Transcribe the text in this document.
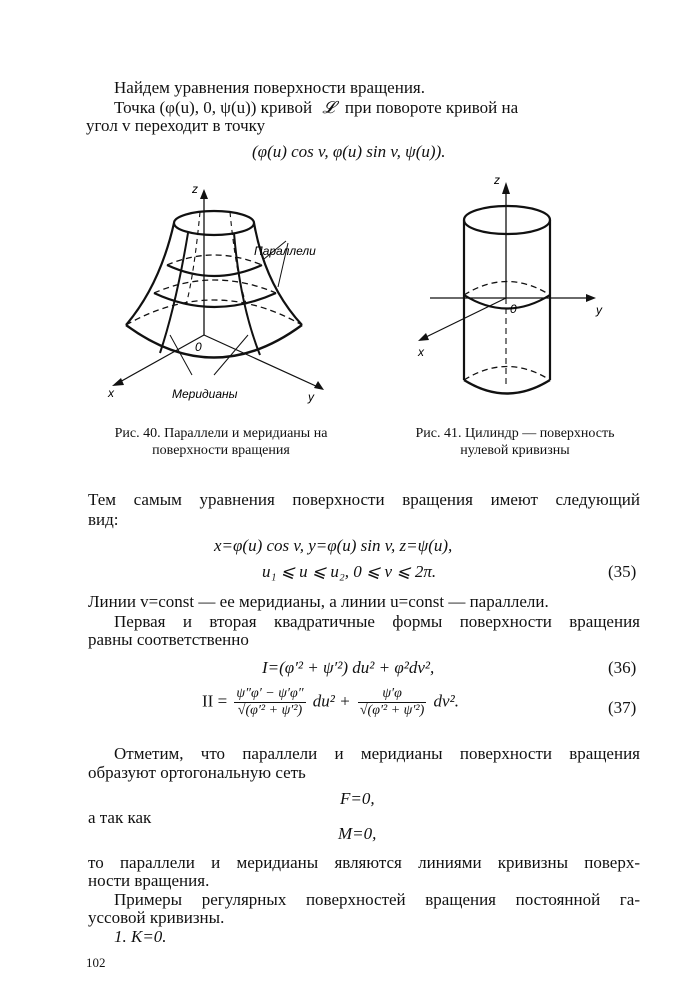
Найдем уравнения поверхности вращения.
Точка (φ(u), 0, ψ(u)) кривой 𝓛 при повороте кривой на
угол v переходит в точку
(φ(u) cos v, φ(u) sin v, ψ(u)).
z
x	y
0
Параллели
Меридианы
z
y
x
0
Рис. 40. Параллели и меридианы на
поверхности вращения
Рис. 41. Цилиндр — поверхность
нулевой кривизны
Тем самым уравнения поверхности вращения имеют следующий
вид:
x=φ(u) cos v, y=φ(u) sin v, z=ψ(u),
u₁ ⩽ u ⩽ u₂, 0 ⩽ v ⩽ 2π.	(35)
Линии v=const — ее меридианы, а линии u=const — параллели.
Первая и вторая квадратичные формы поверхности вращения
равны соответственно
I=(φ′² + ψ′²) du² + φ²dv²,	(36)
II = $\frac{\psi''\varphi' - \psi'\varphi''}{\text{√(φ′² + ψ′²)}} du^2 + \frac{\psi'\varphi}{\text{√(φ′² + ψ′²)}} dv^2$.	(37)
Отметим, что параллели и меридианы поверхности вращения
образуют ортогональную сеть
F=0,
а так как
M=0,
то параллели и меридианы являются линиями кривизны поверх-
ности вращения.
Примеры регулярных поверхностей вращения постоянной га-
уссовой кривизны.
1. K=0.
102
